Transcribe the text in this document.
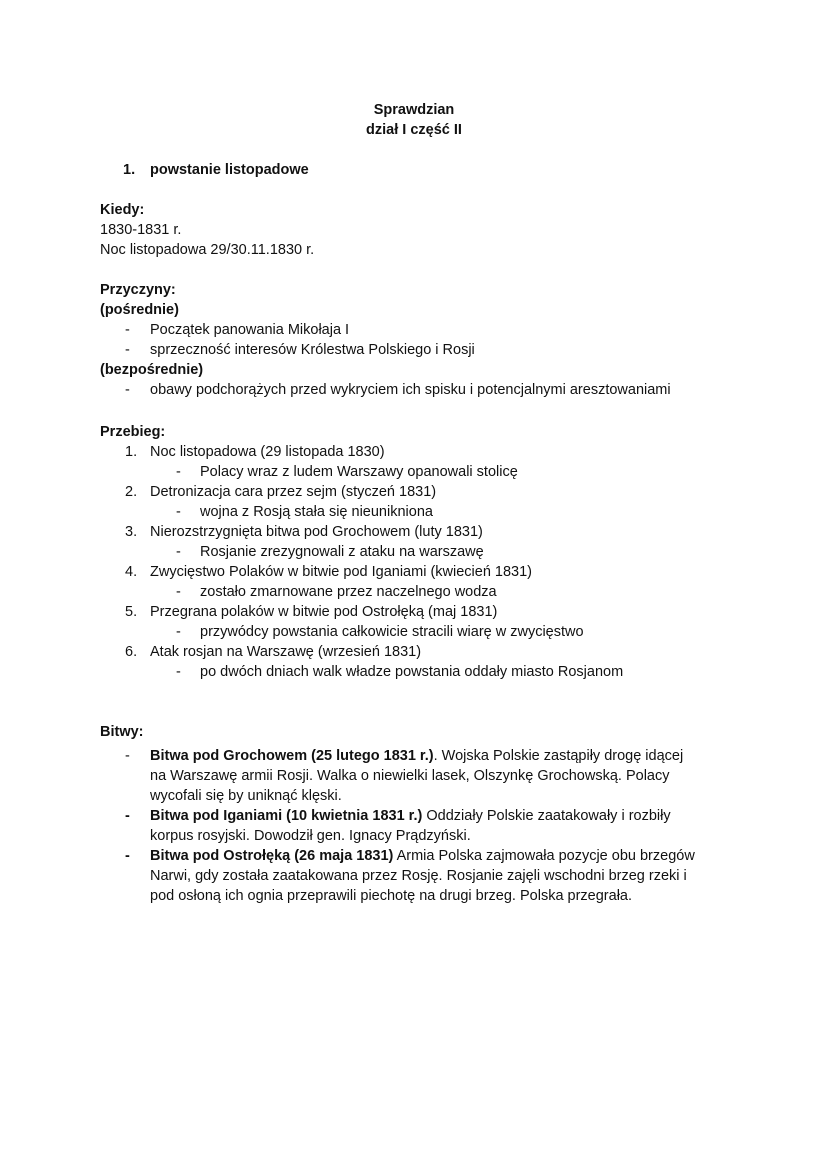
Sprawdzian
dział I część II
1. powstanie listopadowe
Kiedy:
1830-1831 r.
Noc listopadowa 29/30.11.1830 r.
Przyczyny:
(pośrednie)
- Początek panowania Mikołaja I
- sprzeczność interesów Królestwa Polskiego i Rosji
(bezpośrednie)
- obawy podchorążych przed wykryciem ich spisku i potencjalnymi aresztowaniami
Przebieg:
Bitwy:
1. Noc listopadowa (29 listopada 1830)
- Polacy wraz z ludem Warszawy opanowali stolicę
2. Detronizacja cara przez sejm (styczeń 1831)
- wojna z Rosją stała się nieunikniona
3. Nierozstrzygnięta bitwa pod Grochowem (luty 1831)
- Rosjanie zrezygnowali z ataku na warszawę
4. Zwycięstwo Polaków w bitwie pod Iganiami (kwiecień 1831)
- zostało zmarnowane przez naczelnego wodza
5. Przegrana polaków w bitwie pod Ostrołęką (maj 1831)
- przywódcy powstania całkowicie stracili wiarę w zwycięstwo
6. Atak rosjan na Warszawę (wrzesień 1831)
- po dwóch dniach walk władze powstania oddały miasto Rosjanom
- Bitwa pod Grochowem (25 lutego 1831 r.). Wojska Polskie zastąpiły drogę idącej
na Warszawę armii Rosji. Walka o niewielki lasek, Olszynkę Grochowską. Polacy
wycofali się by uniknąć klęski.
- Bitwa pod Iganiami (10 kwietnia 1831 r.) Oddziały Polskie zaatakowały i rozbiły
korpus rosyjski. Dowodził gen. Ignacy Prądzyński.
- Bitwa pod Ostrołęką (26 maja 1831) Armia Polska zajmowała pozycje obu brzegów
Narwi, gdy została zaatakowana przez Rosję. Rosjanie zajęli wschodni brzeg rzeki i
pod osłoną ich ognia przeprawili piechotę na drugi brzeg. Polska przegrała.
